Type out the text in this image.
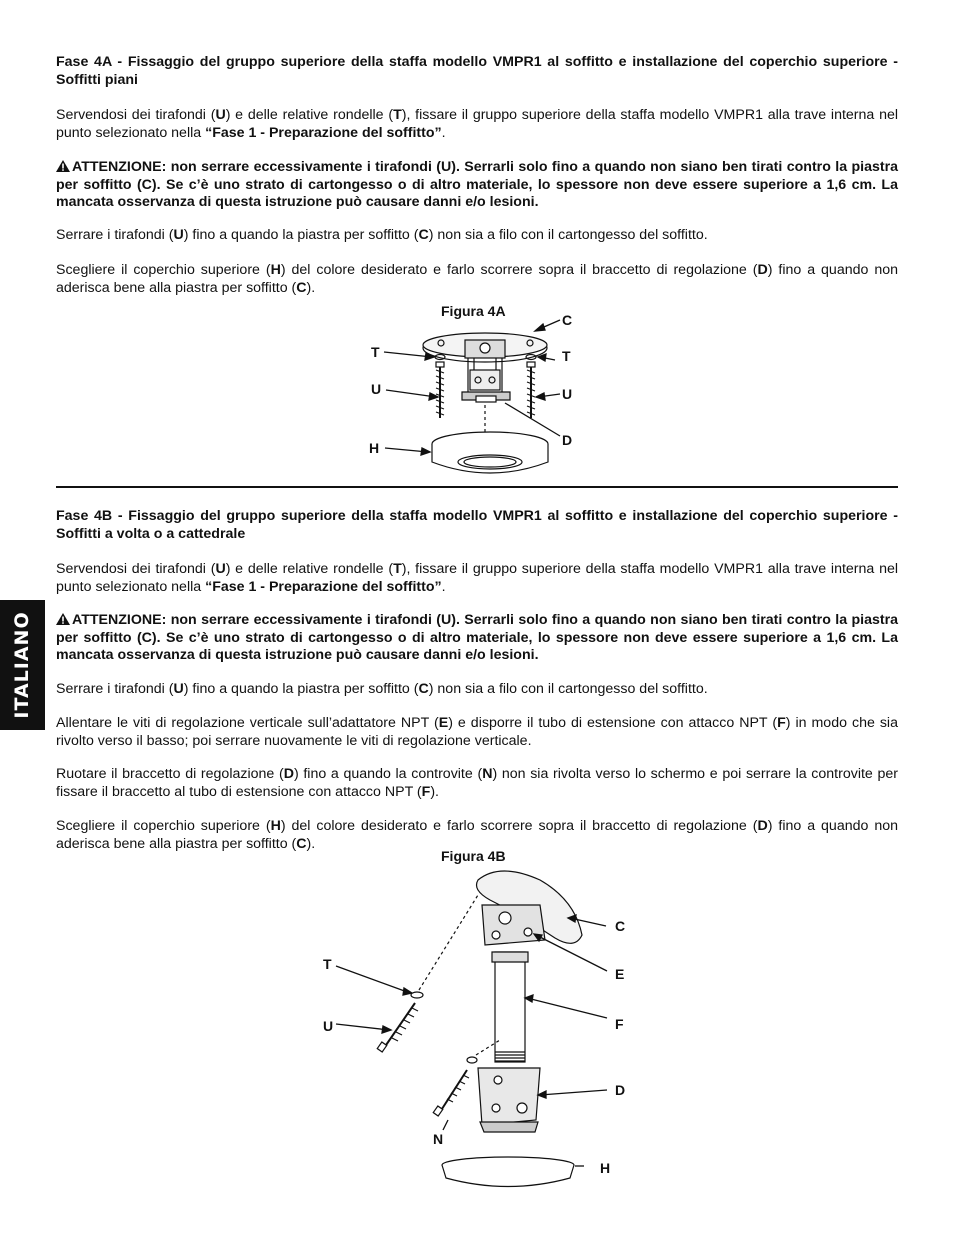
ITALIANO

Fase 4A - Fissaggio del gruppo superiore della staffa modello VMPR1 al soffitto e installazione del coperchio superiore - Soffitti piani

Servendosi dei tirafondi (U) e delle relative rondelle (T), fissare il gruppo superiore della staffa modello VMPR1 alla trave interna nel punto selezionato nella “Fase 1 - Preparazione del soffitto”.

ATTENZIONE: non serrare eccessivamente i tirafondi (U). Serrarli solo fino a quando non siano ben tirati contro la piastra per soffitto (C). Se c’è uno strato di cartongesso o di altro materiale, lo spessore non deve essere superiore a 1,6 cm. La mancata osservanza di questa istruzione può causare danni e/o lesioni.

Serrare i tirafondi (U) fino a quando la piastra per soffitto (C) non sia a filo con il cartongesso del soffitto.

Scegliere il coperchio superiore (H) del colore desiderato e farlo scorrere sopra il braccetto di regolazione (D) fino a quando non aderisca bene alla piastra per soffitto (C).

Figura 4A
C
T	T
U	U
D
H

Fase 4B - Fissaggio del gruppo superiore della staffa modello VMPR1 al soffitto e installazione del coperchio superiore - Soffitti a volta o a cattedrale

Servendosi dei tirafondi (U) e delle relative rondelle (T), fissare il gruppo superiore della staffa modello VMPR1 alla trave interna nel punto selezionato nella “Fase 1 - Preparazione del soffitto”.

ATTENZIONE: non serrare eccessivamente i tirafondi (U). Serrarli solo fino a quando non siano ben tirati contro la piastra per soffitto (C). Se c’è uno strato di cartongesso o di altro materiale, lo spessore non deve essere superiore a 1,6 cm. La mancata osservanza di questa istruzione può causare danni e/o lesioni.

Serrare i tirafondi (U) fino a quando la piastra per soffitto (C) non sia a filo con il cartongesso del soffitto.

Allentare le viti di regolazione verticale sull’adattatore NPT (E) e disporre il tubo di estensione con attacco NPT (F) in modo che sia rivolto verso il basso; poi serrare nuovamente le viti di regolazione verticale.

Ruotare il braccetto di regolazione (D) fino a quando la controvite (N) non sia rivolta verso lo schermo e poi serrare la controvite per fissare il braccetto al tubo di estensione con attacco NPT (F).

Scegliere il coperchio superiore (H) del colore desiderato e farlo scorrere sopra il braccetto di regolazione (D) fino a quando non aderisca bene alla piastra per soffitto (C).

Figura 4B
C
E
F
D
T
U
N
H
